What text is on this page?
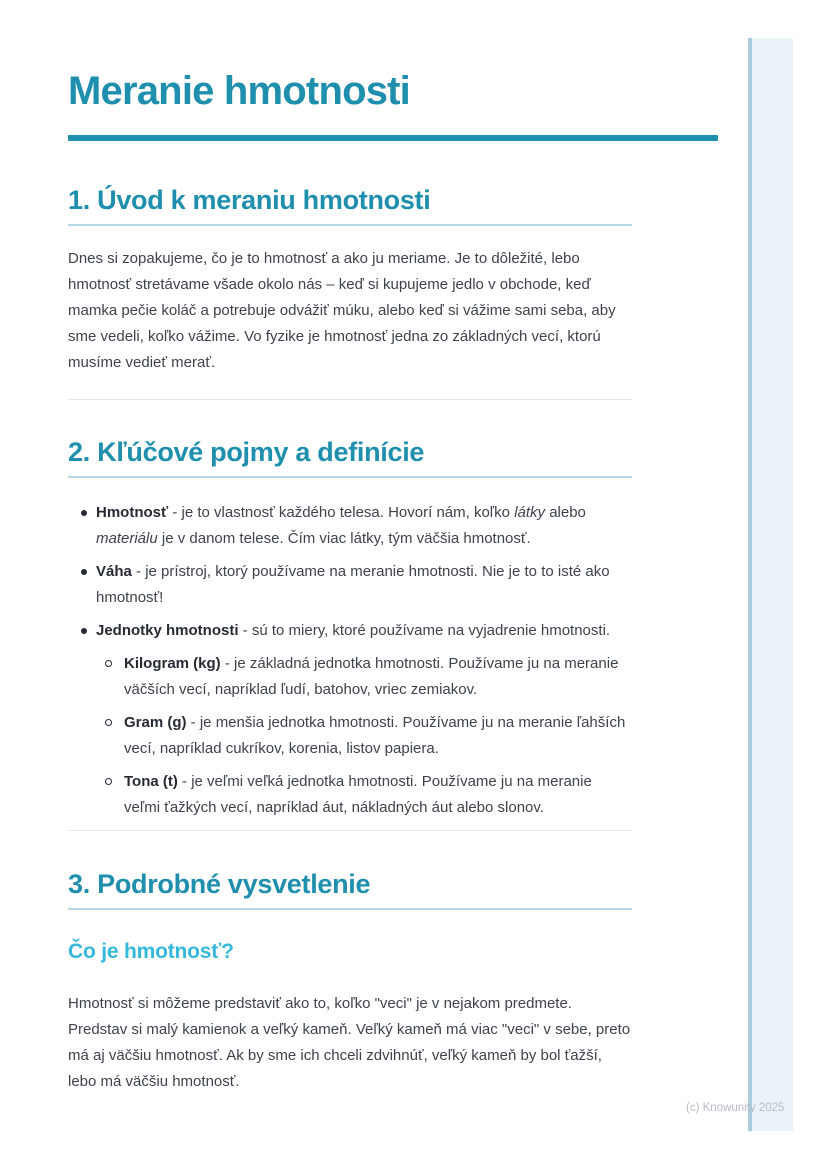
Meranie hmotnosti
1. Úvod k meraniu hmotnosti

Dnes si zopakujeme, čo je to hmotnosť a ako ju meriame. Je to dôležité, lebo hmotnosť stretávame všade okolo nás – keď si kupujeme jedlo v obchode, keď mamka pečie koláč a potrebuje odvážiť múku, alebo keď si vážime sami seba, aby sme vedeli, koľko vážime. Vo fyzike je hmotnosť jedna zo základných vecí, ktorú musíme vedieť merať.

2. Kľúčové pojmy a definície
Hmotnosť - je to vlastnosť každého telesa. Hovorí nám, koľko látky alebo materiálu je v danom telese. Čím viac látky, tým väčšia hmotnosť.
Váha - je prístroj, ktorý používame na meranie hmotnosti. Nie je to to isté ako hmotnosť!
Jednotky hmotnosti - sú to miery, ktoré používame na vyjadrenie hmotnosti.
Kilogram (kg) - je základná jednotka hmotnosti. Používame ju na meranie väčších vecí, napríklad ľudí, batohov, vriec zemiakov.
Gram (g) - je menšia jednotka hmotnosti. Používame ju na meranie ľahších vecí, napríklad cukríkov, korenia, listov papiera.
Tona (t) - je veľmi veľká jednotka hmotnosti. Používame ju na meranie veľmi ťažkých vecí, napríklad áut, nákladných áut alebo slonov.
3. Podrobné vysvetlenie
Čo je hmotnosť?

Hmotnosť si môžeme predstaviť ako to, koľko "veci" je v nejakom predmete. Predstav si malý kamienok a veľký kameň. Veľký kameň má viac "veci" v sebe, preto má aj väčšiu hmotnosť. Ak by sme ich chceli zdvihnúť, veľký kameň by bol ťažší, lebo má väčšiu hmotnosť.

(c) Knowunity 2025
